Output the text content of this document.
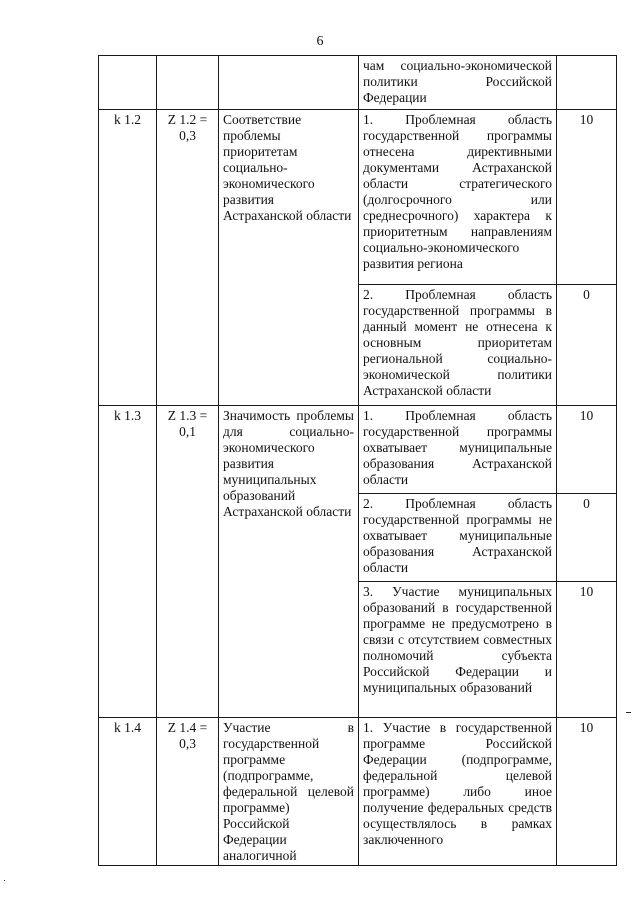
6
			чам социально-экономической политики Российской Федерации	
k 1.2	Z 1.2 = 0,3	Соответствие проблемы приоритетам социально-экономического развития Астраханской области	1. Проблемная область государственной программы отнесена директивными документами Астраханской области стратегического (долгосрочного или среднесрочного) характера к приоритетным направлениям социально-экономического развития региона	10
			2. Проблемная область государственной программы в данный момент не отнесена к основным приоритетам региональной социально-экономической политики Астраханской области	0
k 1.3	Z 1.3 = 0,1	Значимость проблемы для социально-экономического развития муниципальных образований Астраханской области	1. Проблемная область государственной программы охватывает муниципальные образования Астраханской области	10
			2. Проблемная область государственной программы не охватывает муниципальные образования Астраханской области	0
			3. Участие муниципальных образований в государственной программе не предусмотрено в связи с отсутствием совместных полномочий субъекта Российской Федерации и муниципальных образований	10
k 1.4	Z 1.4 = 0,3	Участие в государственной программе (подпрограмме, федеральной целевой программе) Российской Федерации аналогичной	1. Участие в государственной программе Российской Федерации (подпрограмме, федеральной целевой программе) либо иное получение федеральных средств осуществлялось в рамках заключенного	10
